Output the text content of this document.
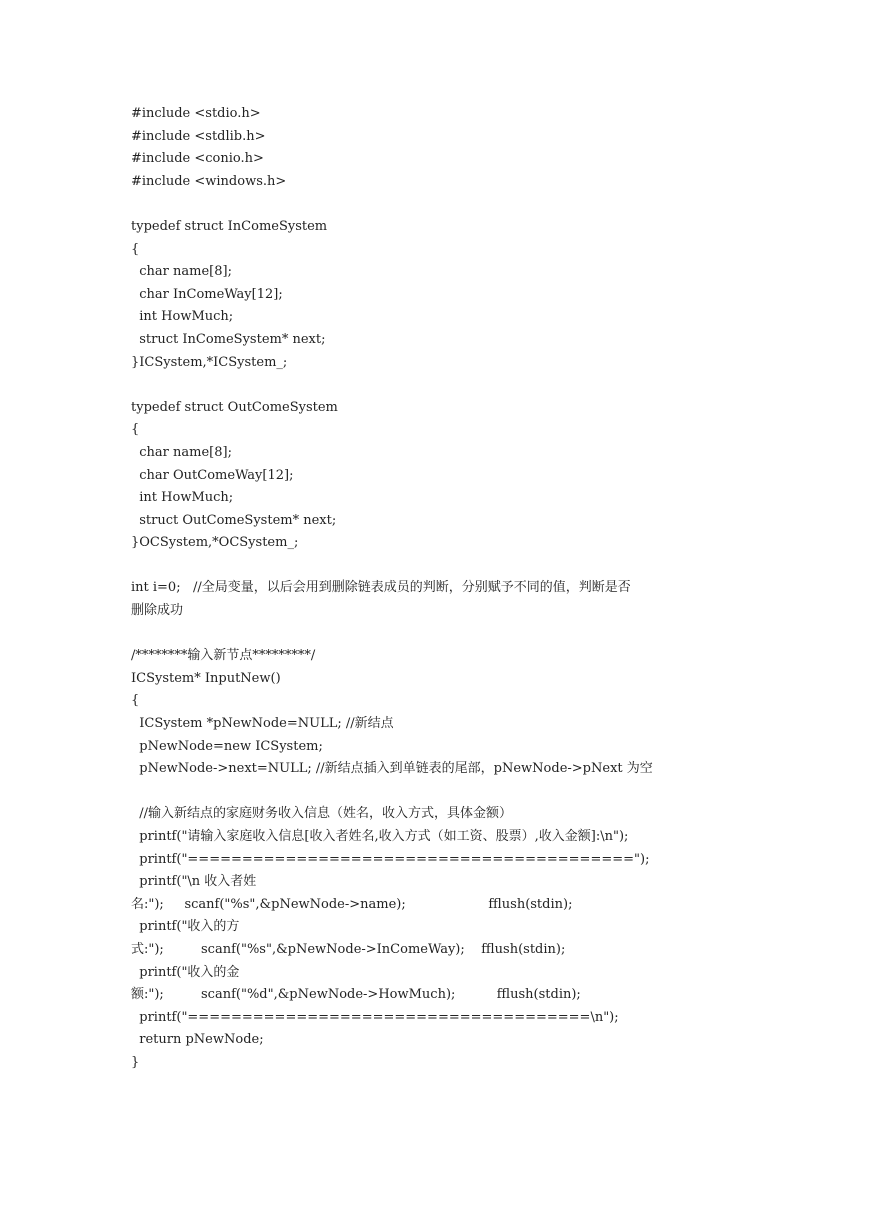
#include <stdio.h>
#include <stdlib.h>
#include <conio.h>
#include <windows.h>
typedef struct InComeSystem
{
char name[8];
char InComeWay[12];
int HowMuch;
struct InComeSystem* next;
}ICSystem,*ICSystem_;
typedef struct OutComeSystem
{
char name[8];
char OutComeWay[12];
int HowMuch;
struct OutComeSystem* next;
}OCSystem,*OCSystem_;
int i=0;   //全局变量，以后会用到删除链表成员的判断，分别赋予不同的值，判断是否
删除成功
/********输入新节点*********/
ICSystem* InputNew()
{
ICSystem *pNewNode=NULL; //新结点
pNewNode=new ICSystem;
pNewNode->next=NULL; //新结点插入到单链表的尾部，pNewNode->pNext 为空
//输入新结点的家庭财务收入信息（姓名，收入方式，具体金额）
printf("请输入家庭收入信息[收入者姓名,收入方式（如工资、股票）,收入金额]:\n");
printf("=========================================");
printf("\n 收入者姓
名:");     scanf("%s",&pNewNode->name);                    fflush(stdin);
printf("收入的方
式:");         scanf("%s",&pNewNode->InComeWay);    fflush(stdin);
printf("收入的金
额:");         scanf("%d",&pNewNode->HowMuch);          fflush(stdin);
printf("=====================================\n");
return pNewNode;
}
